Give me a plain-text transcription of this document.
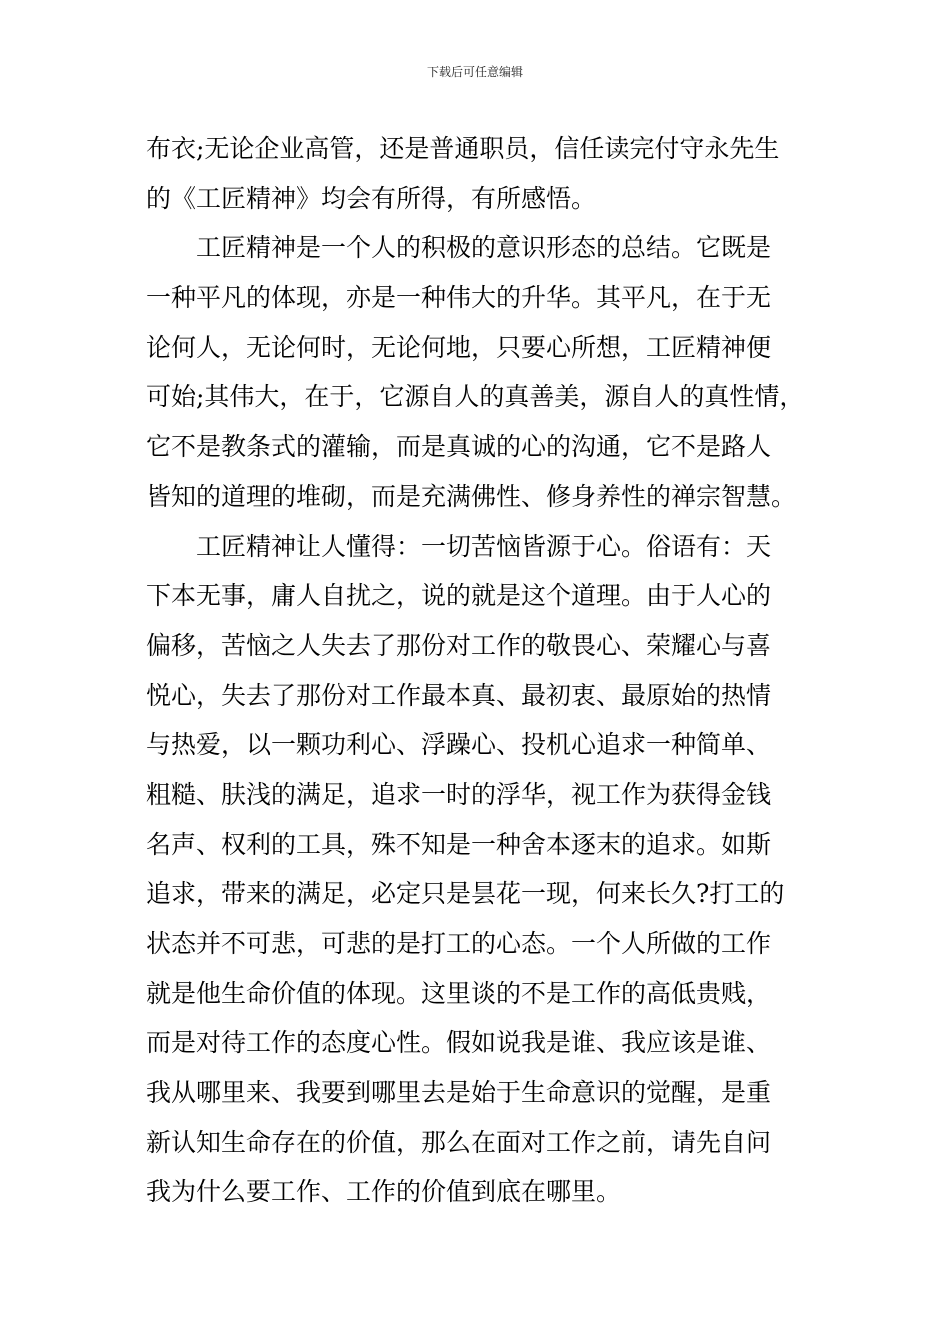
下载后可任意编辑
布衣;无论企业高管，还是普通职员，信任读完付守永先生
的《工匠精神》均会有所得，有所感悟。
工匠精神是一个人的积极的意识形态的总结。它既是
一种平凡的体现，亦是一种伟大的升华。其平凡，在于无
论何人，无论何时，无论何地，只要心所想，工匠精神便
可始;其伟大，在于，它源自人的真善美，源自人的真性情，
它不是教条式的灌输，而是真诚的心的沟通，它不是路人
皆知的道理的堆砌，而是充满佛性、修身养性的禅宗智慧。
工匠精神让人懂得：一切苦恼皆源于心。俗语有：天
下本无事，庸人自扰之，说的就是这个道理。由于人心的
偏移，苦恼之人失去了那份对工作的敬畏心、荣耀心与喜
悦心，失去了那份对工作最本真、最初衷、最原始的热情
与热爱，以一颗功利心、浮躁心、投机心追求一种简单、
粗糙、肤浅的满足，追求一时的浮华，视工作为获得金钱
名声、权利的工具，殊不知是一种舍本逐末的追求。如斯
追求，带来的满足，必定只是昙花一现，何来长久?打工的
状态并不可悲，可悲的是打工的心态。一个人所做的工作
就是他生命价值的体现。这里谈的不是工作的高低贵贱，
而是对待工作的态度心性。假如说我是谁、我应该是谁、
我从哪里来、我要到哪里去是始于生命意识的觉醒，是重
新认知生命存在的价值，那么在面对工作之前，请先自问
我为什么要工作、工作的价值到底在哪里。
